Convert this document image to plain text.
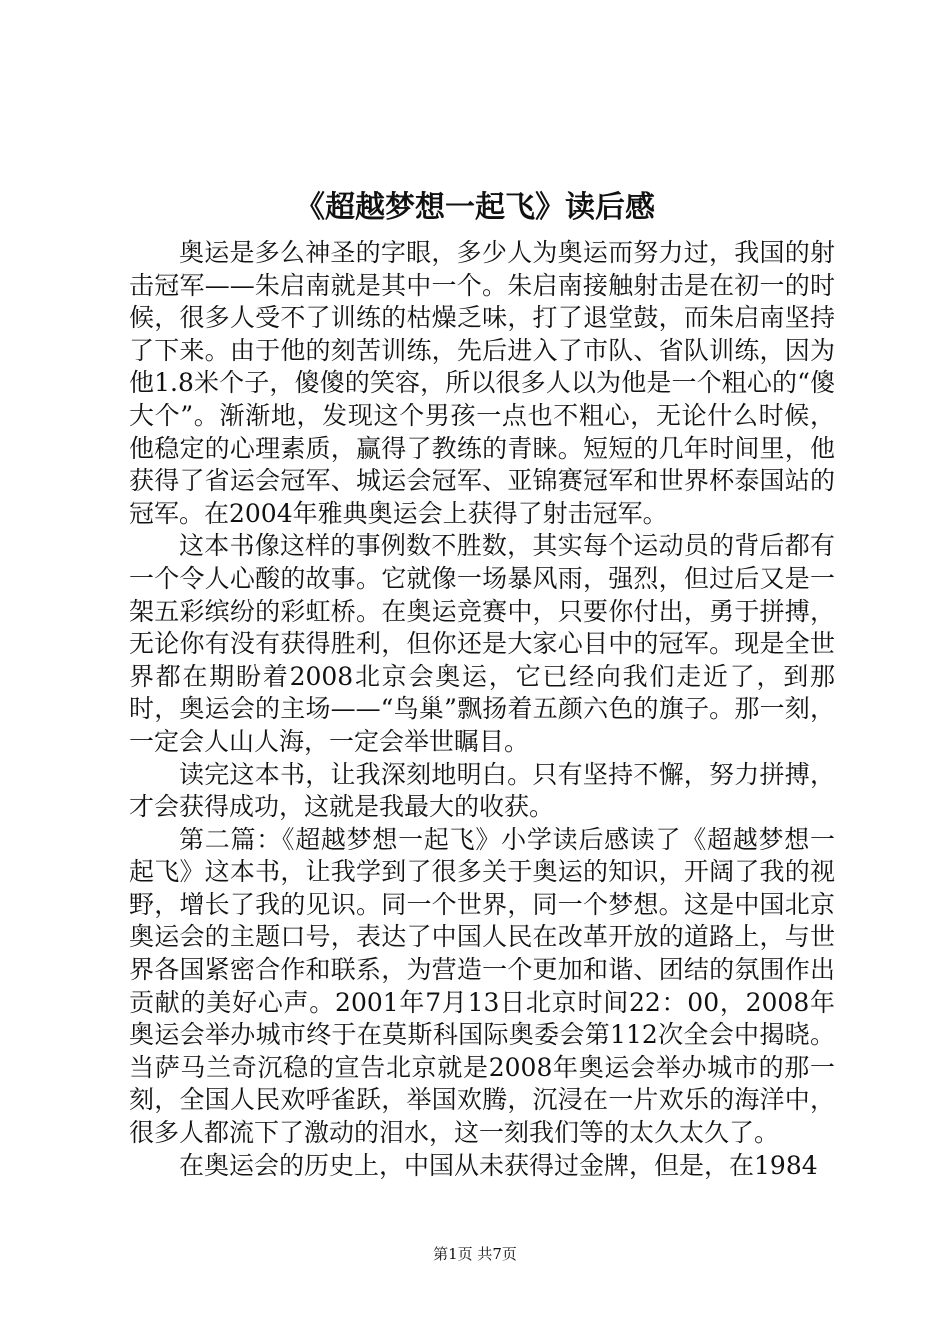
《超越梦想一起飞》读后感

奥运是多么神圣的字眼，多少人为奥运而努力过，我国的射击冠军——朱启南就是其中一个。朱启南接触射击是在初一的时候，很多人受不了训练的枯燥乏味，打了退堂鼓，而朱启南坚持了下来。由于他的刻苦训练，先后进入了市队、省队训练，因为他1.8米个子，傻傻的笑容，所以很多人以为他是一个粗心的“傻大个”。渐渐地，发现这个男孩一点也不粗心，无论什么时候，他稳定的心理素质，赢得了教练的青睐。短短的几年时间里，他获得了省运会冠军、城运会冠军、亚锦赛冠军和世界杯泰国站的冠军。在2004年雅典奥运会上获得了射击冠军。

这本书像这样的事例数不胜数，其实每个运动员的背后都有一个令人心酸的故事。它就像一场暴风雨，强烈，但过后又是一架五彩缤纷的彩虹桥。在奥运竞赛中，只要你付出，勇于拼搏，无论你有没有获得胜利，但你还是大家心目中的冠军。现是全世界都在期盼着2008北京会奥运，它已经向我们走近了，到那时，奥运会的主场——“鸟巢”飘扬着五颜六色的旗子。那一刻，一定会人山人海，一定会举世瞩目。

读完这本书，让我深刻地明白。只有坚持不懈，努力拼搏，才会获得成功，这就是我最大的收获。

第二篇：《超越梦想一起飞》小学读后感读了《超越梦想一起飞》这本书，让我学到了很多关于奥运的知识，开阔了我的视野，增长了我的见识。同一个世界，同一个梦想。这是中国北京奥运会的主题口号，表达了中国人民在改革开放的道路上，与世界各国紧密合作和联系，为营造一个更加和谐、团结的氛围作出贡献的美好心声。2001年7月13日北京时间22：00，2008年奥运会举办城市终于在莫斯科国际奥委会第112次全会中揭晓。当萨马兰奇沉稳的宣告北京就是2008年奥运会举办城市的那一刻，全国人民欢呼雀跃，举国欢腾，沉浸在一片欢乐的海洋中，很多人都流下了激动的泪水，这一刻我们等的太久太久了。

在奥运会的历史上，中国从未获得过金牌，但是，在1984

第1页 共7页
